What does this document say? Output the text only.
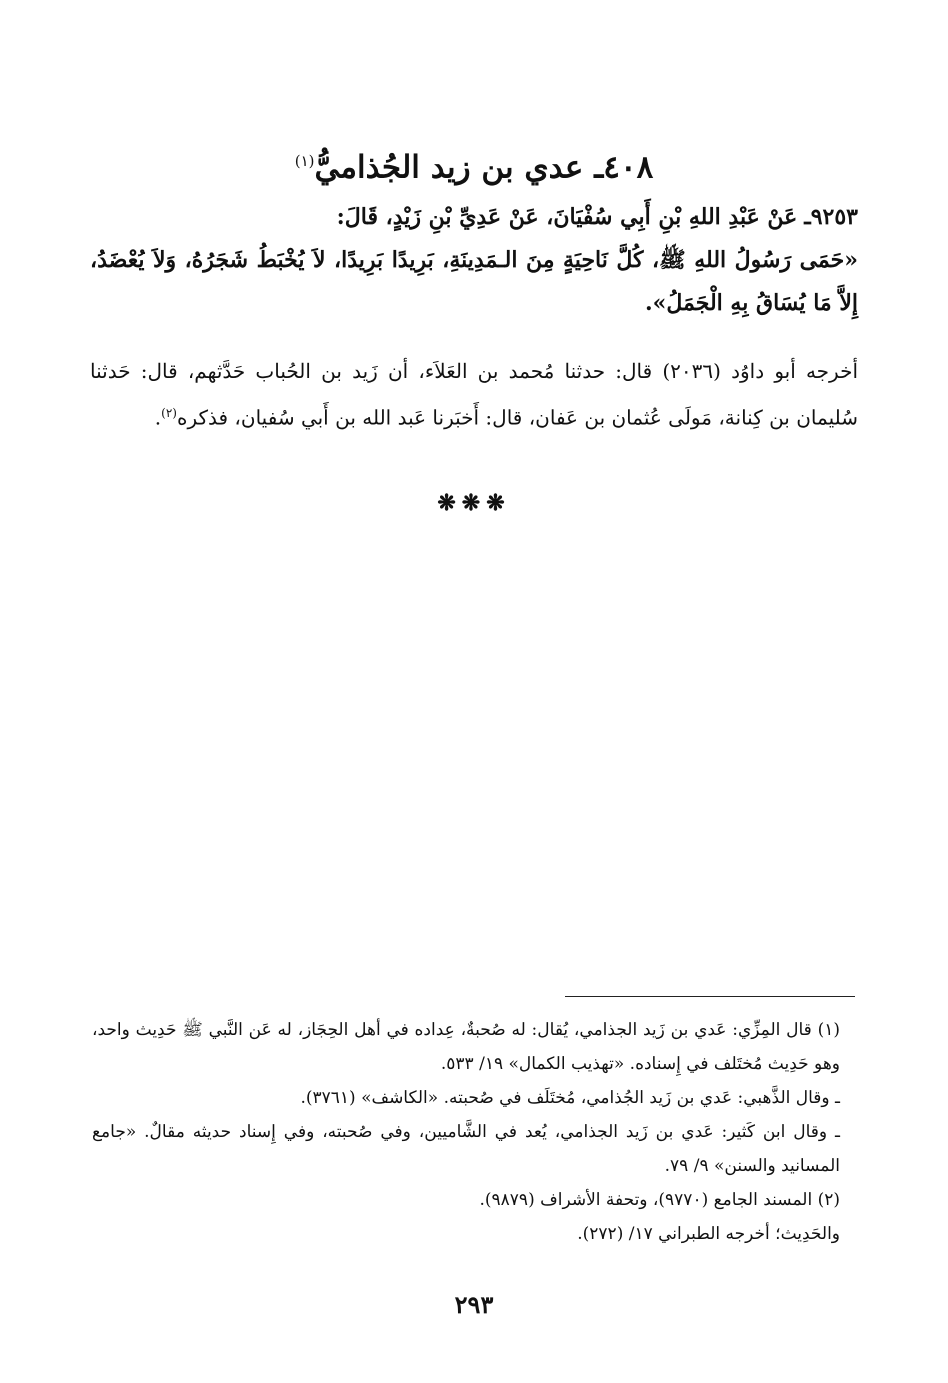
٤٠٨ـ عدي بن زيد الجُذاميُّ$^{(١)}$
٩٢٥٣ـ عَنْ عَبْدِ اللهِ بْنِ أَبِي سُفْيَانَ، عَنْ عَدِيِّ بْنِ زَيْدٍ، قَالَ:
«حَمَى رَسُولُ اللهِ ﷺ، كُلَّ نَاحِيَةٍ مِنَ الـمَدِينَةِ، بَرِيدًا بَرِيدًا، لاَ يُخْبَطُ شَجَرُهُ، وَلاَ يُعْضَدُ، إِلاَّ مَا يُسَاقُ بِهِ الْجَمَلُ».
أخرجه أبو داوُد (٢٠٣٦) قال: حدثنا مُحمد بن العَلاَء، أن زَيد بن الحُباب حَدَّثهم، قال: حَدثنا سُليمان بن كِنانة، مَولَى عُثمان بن عَفان، قال: أَخبَرنا عَبد الله بن أَبي سُفيان، فذكره$^{(٢)}$.
❋❋❋

(١) قال المِزِّي: عَدي بن زَيد الجذامي، يُقال: له صُحبةٌ، عِداده في أهل الحِجَاز، له عَن النَّبي ﷺ حَدِيث واحد، وهو حَدِيث مُختَلف في إِسناده. «تهذيب الكمال» ١٩/ ٥٣٣.

ـ وقال الذَّهبي: عَدي بن زَيد الجُذامي، مُختَلَف في صُحبته. «الكاشف» (٣٧٦١).

ـ وقال ابن كَثير: عَدي بن زَيد الجذامي، يُعد في الشَّاميين، وفي صُحبته، وفي إِسناد حديثه مقالٌ. «جامع المسانيد والسنن» ٩/ ٧٩.

(٢) المسند الجامع (٩٧٧٠)، وتحفة الأشراف (٩٨٧٩).

والحَدِيث؛ أخرجه الطبراني ١٧/ (٢٧٢).

٢٩٣
